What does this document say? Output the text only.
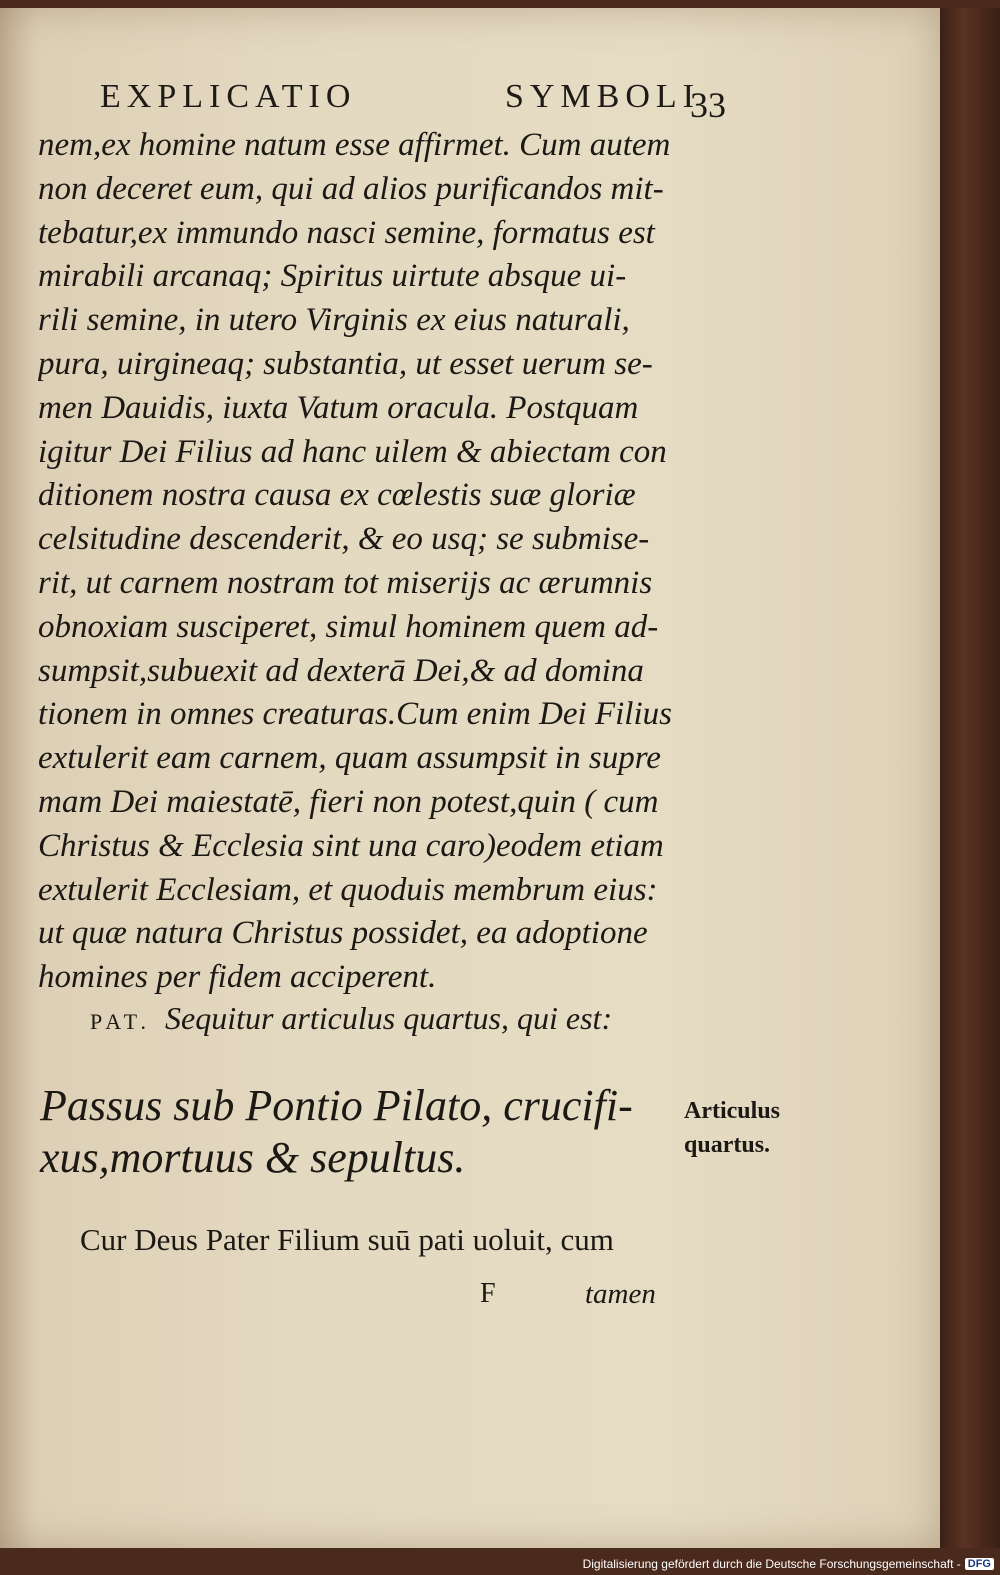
EXPLICATIO	SYMBOLI
33
nem,ex homine natum esse affirmet. Cum autem
non deceret eum, qui ad alios purificandos mit-
tebatur,ex immundo nasci semine, formatus est
mirabili arcanaq; Spiritus uirtute absque ui-
rili semine, in utero Virginis ex eius naturali,
pura, uirgineaq; substantia, ut esset uerum se-
men Dauidis, iuxta Vatum oracula. Postquam
igitur Dei Filius ad hanc uilem & abiectam con
ditionem nostra causa ex cœlestis suæ gloriæ
celsitudine descenderit, & eo usq; se submise-
rit, ut carnem nostram tot miserijs ac ærumnis
obnoxiam susciperet, simul hominem quem ad-
sumpsit,subuexit ad dexterā Dei,& ad domina
tionem in omnes creaturas.Cum enim Dei Filius
extulerit eam carnem, quam assumpsit in supre
mam Dei maiestatē, fieri non potest,quin ( cum
Christus & Ecclesia sint una caro)eodem etiam
extulerit Ecclesiam, et quoduis membrum eius:
ut quæ natura Christus possidet, ea adoptione
homines per fidem acciperent.
PAT. Sequitur articulus quartus, qui est:
Passus sub Pontio Pilato, crucifi-
xus,mortuus & sepultus.
Articulus
quartus.
Cur Deus Pater Filium suū pati uoluit, cum
F	tamen
Digitalisierung gefördert durch die Deutsche Forschungsgemeinschaft - DFG
